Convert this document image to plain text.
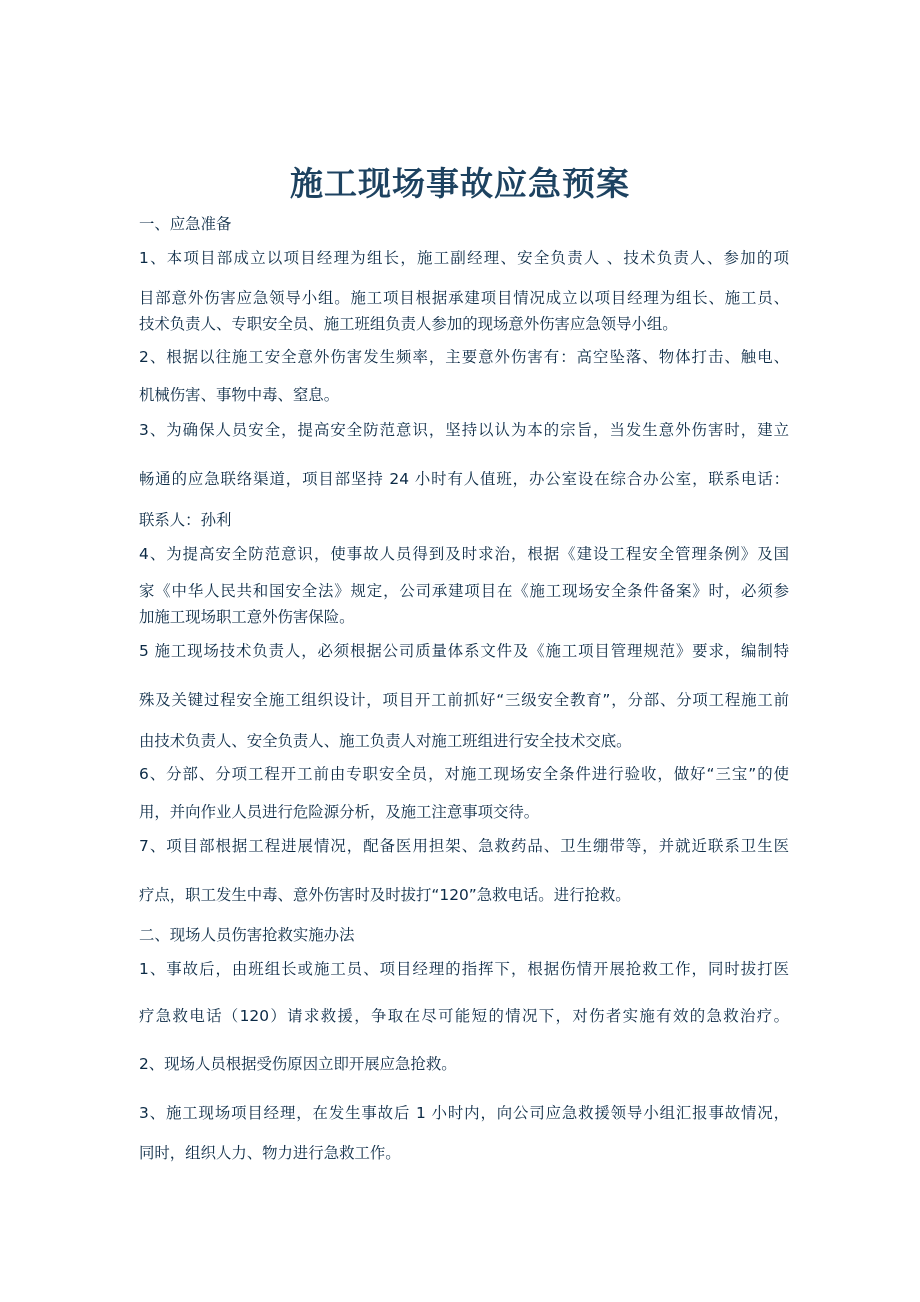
施工现场事故应急预案

一、应急准备

1、本项目部成立以项目经理为组长，施工副经理、安全负责人 、技术负责人、参加的项

目部意外伤害应急领导小组。施工项目根据承建项目情况成立以项目经理为组长、施工员、

技术负责人、专职安全员、施工班组负责人参加的现场意外伤害应急领导小组。

2、根据以往施工安全意外伤害发生频率，主要意外伤害有：高空坠落、物体打击、触电、

机械伤害、事物中毒、窒息。

3、为确保人员安全，提高安全防范意识，坚持以认为本的宗旨，当发生意外伤害时，建立

畅通的应急联络渠道，项目部坚持 24 小时有人值班，办公室设在综合办公室，联系电话：

联系人：孙利

4、为提高安全防范意识，使事故人员得到及时求治，根据《建设工程安全管理条例》及国

家《中华人民共和国安全法》规定，公司承建项目在《施工现场安全条件备案》时，必须参

加施工现场职工意外伤害保险。

5 施工现场技术负责人，必须根据公司质量体系文件及《施工项目管理规范》要求，编制特

殊及关键过程安全施工组织设计，项目开工前抓好“三级安全教育”，分部、分项工程施工前

由技术负责人、安全负责人、施工负责人对施工班组进行安全技术交底。

6、分部、分项工程开工前由专职安全员，对施工现场安全条件进行验收，做好“三宝”的使

用，并向作业人员进行危险源分析，及施工注意事项交待。

7、项目部根据工程进展情况，配备医用担架、急救药品、卫生绷带等，并就近联系卫生医

疗点，职工发生中毒、意外伤害时及时拔打“120”急救电话。进行抢救。

二、现场人员伤害抢救实施办法

1、事故后，由班组长或施工员、项目经理的指挥下，根据伤情开展抢救工作，同时拔打医

疗急救电话（120）请求救援，争取在尽可能短的情况下，对伤者实施有效的急救治疗。

2、现场人员根据受伤原因立即开展应急抢救。

3、施工现场项目经理，在发生事故后 1 小时内，向公司应急救援领导小组汇报事故情况，

同时，组织人力、物力进行急救工作。
